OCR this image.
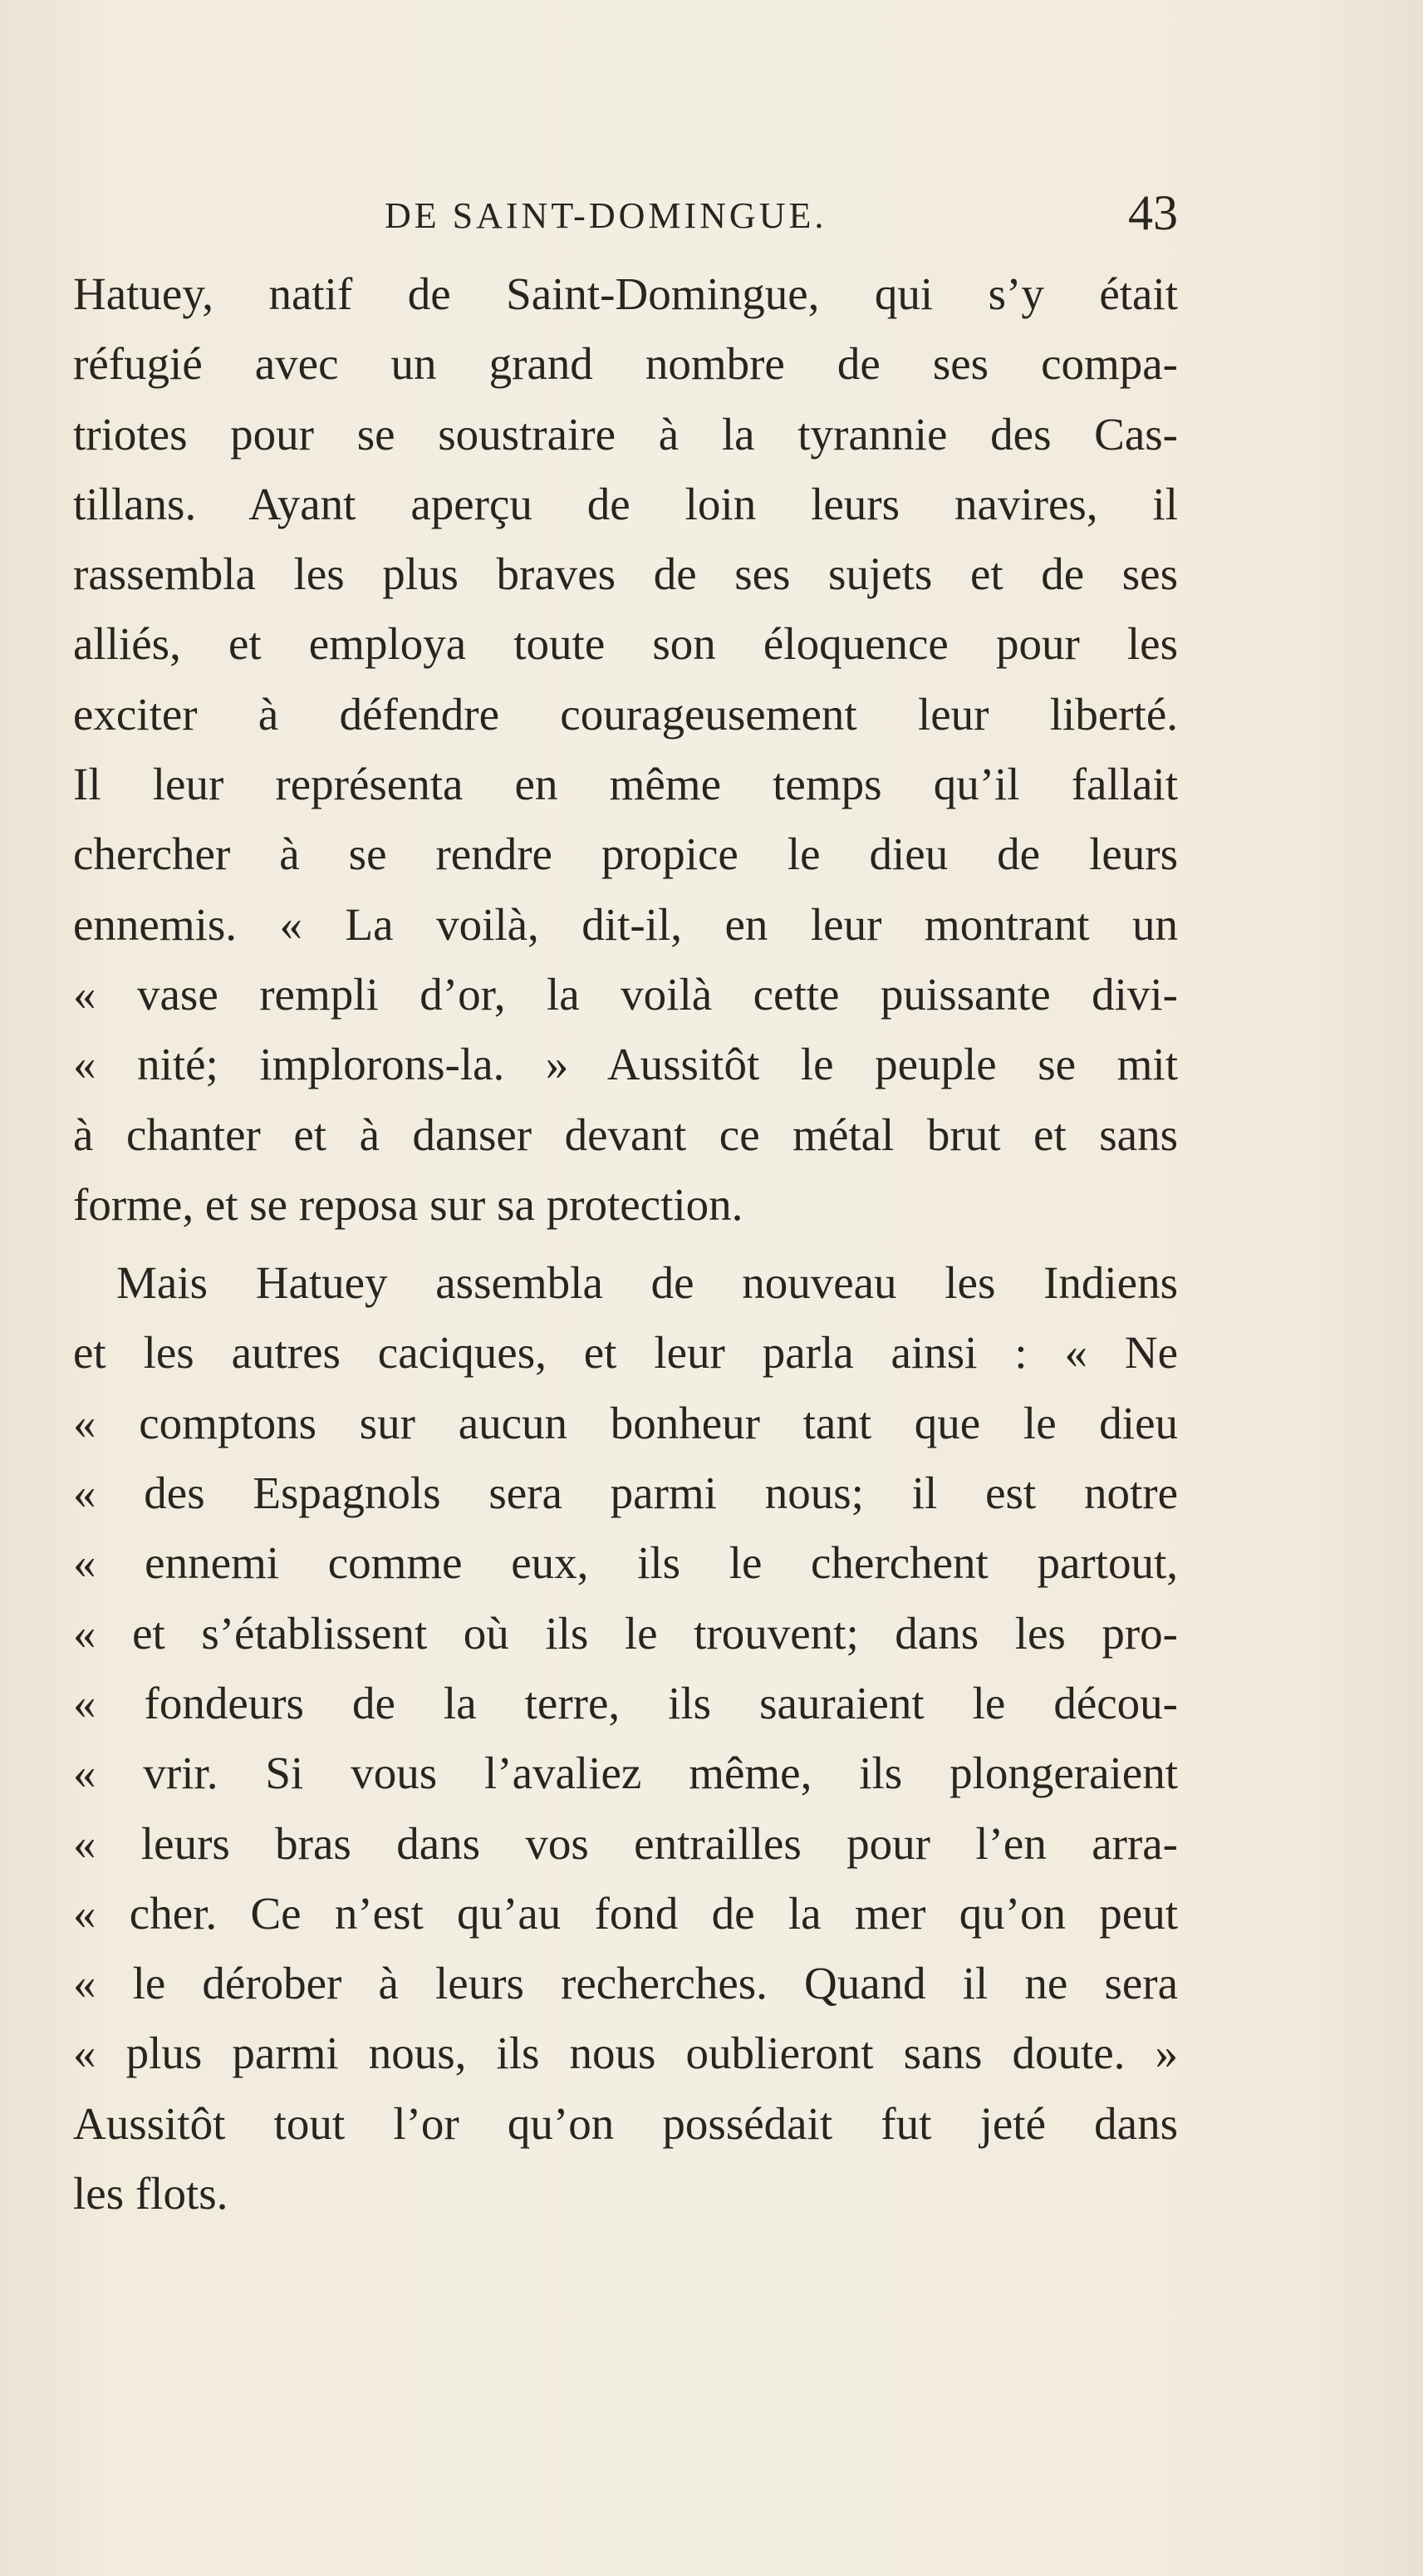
DE SAINT-DOMINGUE.	43
Hatuey, natif de Saint-Domingue, qui s’y était
réfugié avec un grand nombre de ses compa-
triotes pour se soustraire à la tyrannie des Cas-
tillans. Ayant aperçu de loin leurs navires, il
rassembla les plus braves de ses sujets et de ses
alliés, et employa toute son éloquence pour les
exciter à défendre courageusement leur liberté.
Il leur représenta en même temps qu’il fallait
chercher à se rendre propice le dieu de leurs
ennemis. « La voilà, dit-il, en leur montrant un
« vase rempli d’or, la voilà cette puissante divi-
« nité; implorons-la. » Aussitôt le peuple se mit
à chanter et à danser devant ce métal brut et sans
forme, et se reposa sur sa protection.
Mais Hatuey assembla de nouveau les Indiens
et les autres caciques, et leur parla ainsi : « Ne
« comptons sur aucun bonheur tant que le dieu
« des Espagnols sera parmi nous; il est notre
« ennemi comme eux, ils le cherchent partout,
« et s’établissent où ils le trouvent; dans les pro-
« fondeurs de la terre, ils sauraient le décou-
« vrir. Si vous l’avaliez même, ils plongeraient
« leurs bras dans vos entrailles pour l’en arra-
« cher. Ce n’est qu’au fond de la mer qu’on peut
« le dérober à leurs recherches. Quand il ne sera
« plus parmi nous, ils nous oublieront sans doute. »
Aussitôt tout l’or qu’on possédait fut jeté dans
les flots.
